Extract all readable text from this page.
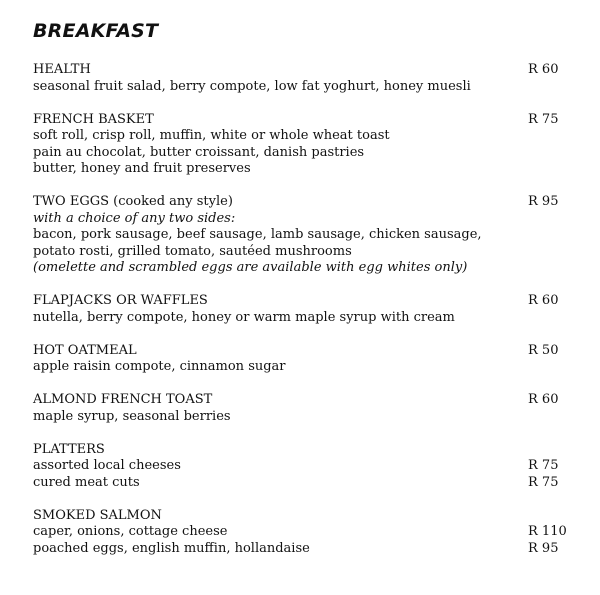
BREAKFAST
HEALTH	R 60
seasonal fruit salad, berry compote, low fat yoghurt, honey muesli
FRENCH BASKET	R 75
soft roll, crisp roll, muffin, white or whole wheat toast
pain au chocolat, butter croissant, danish pastries
butter, honey and fruit preserves
TWO EGGS (cooked any style)	R 95
with a choice of any two sides:
bacon, pork sausage, beef sausage, lamb sausage, chicken sausage,
potato rosti, grilled tomato, sautéed mushrooms
(omelette and scrambled eggs are available with egg whites only)
FLAPJACKS OR WAFFLES	R 60
nutella, berry compote, honey or warm maple syrup with cream
HOT OATMEAL	R 50
apple raisin compote, cinnamon sugar
ALMOND FRENCH TOAST	R 60
maple syrup, seasonal berries
PLATTERS
assorted local cheeses	R 75
cured meat cuts	R 75
SMOKED SALMON
caper, onions, cottage cheese	R 110
poached eggs, english muffin, hollandaise	R 95
